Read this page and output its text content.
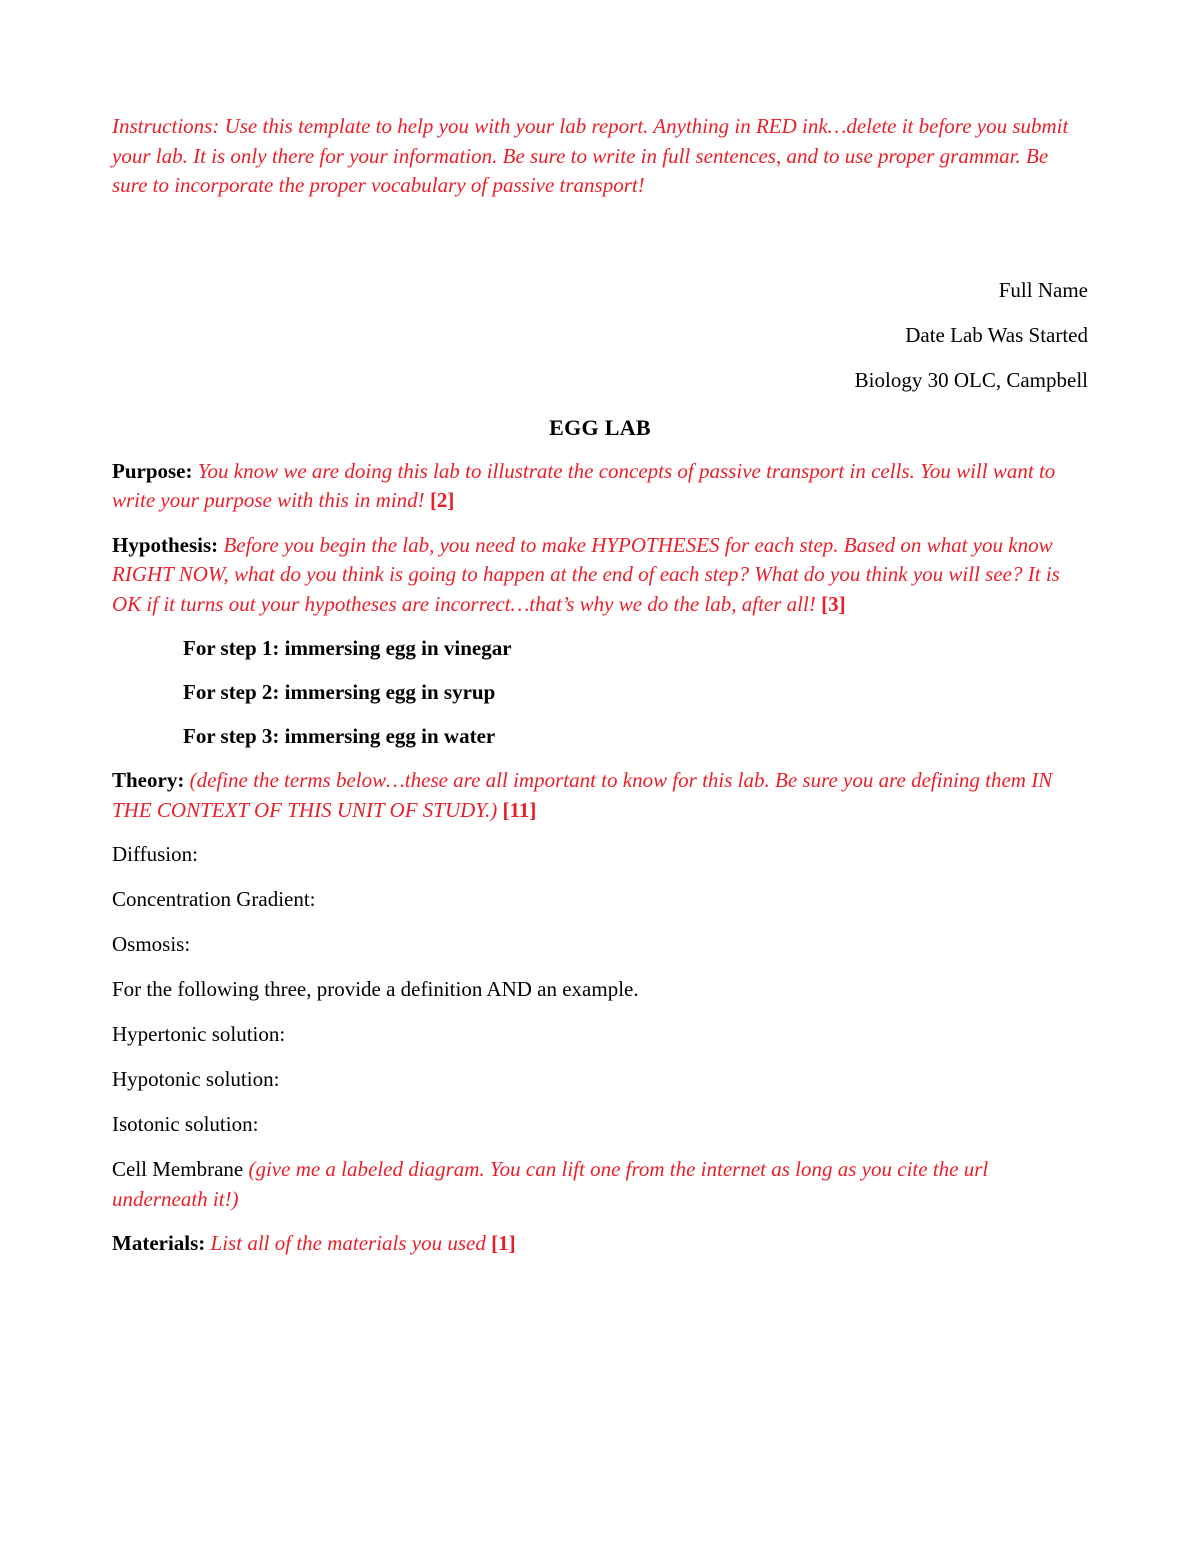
Instructions: Use this template to help you with your lab report. Anything in RED ink…delete it before you submit your lab. It is only there for your information. Be sure to write in full sentences, and to use proper grammar. Be sure to incorporate the proper vocabulary of passive transport!

Full Name
Date Lab Was Started
Biology 30 OLC, Campbell
EGG LAB

Purpose: You know we are doing this lab to illustrate the concepts of passive transport in cells. You will want to write your purpose with this in mind! [2]

Hypothesis: Before you begin the lab, you need to make HYPOTHESES for each step. Based on what you know RIGHT NOW, what do you think is going to happen at the end of each step? What do you think you will see? It is OK if it turns out your hypotheses are incorrect…that’s why we do the lab, after all! [3]

For step 1: immersing egg in vinegar
For step 2: immersing egg in syrup
For step 3: immersing egg in water

Theory: (define the terms below…these are all important to know for this lab. Be sure you are defining them IN THE CONTEXT OF THIS UNIT OF STUDY.) [11]

Diffusion:
Concentration Gradient:
Osmosis:
For the following three, provide a definition AND an example.
Hypertonic solution:
Hypotonic solution:
Isotonic solution:

Cell Membrane (give me a labeled diagram. You can lift one from the internet as long as you cite the url underneath it!)

Materials: List all of the materials you used [1]
